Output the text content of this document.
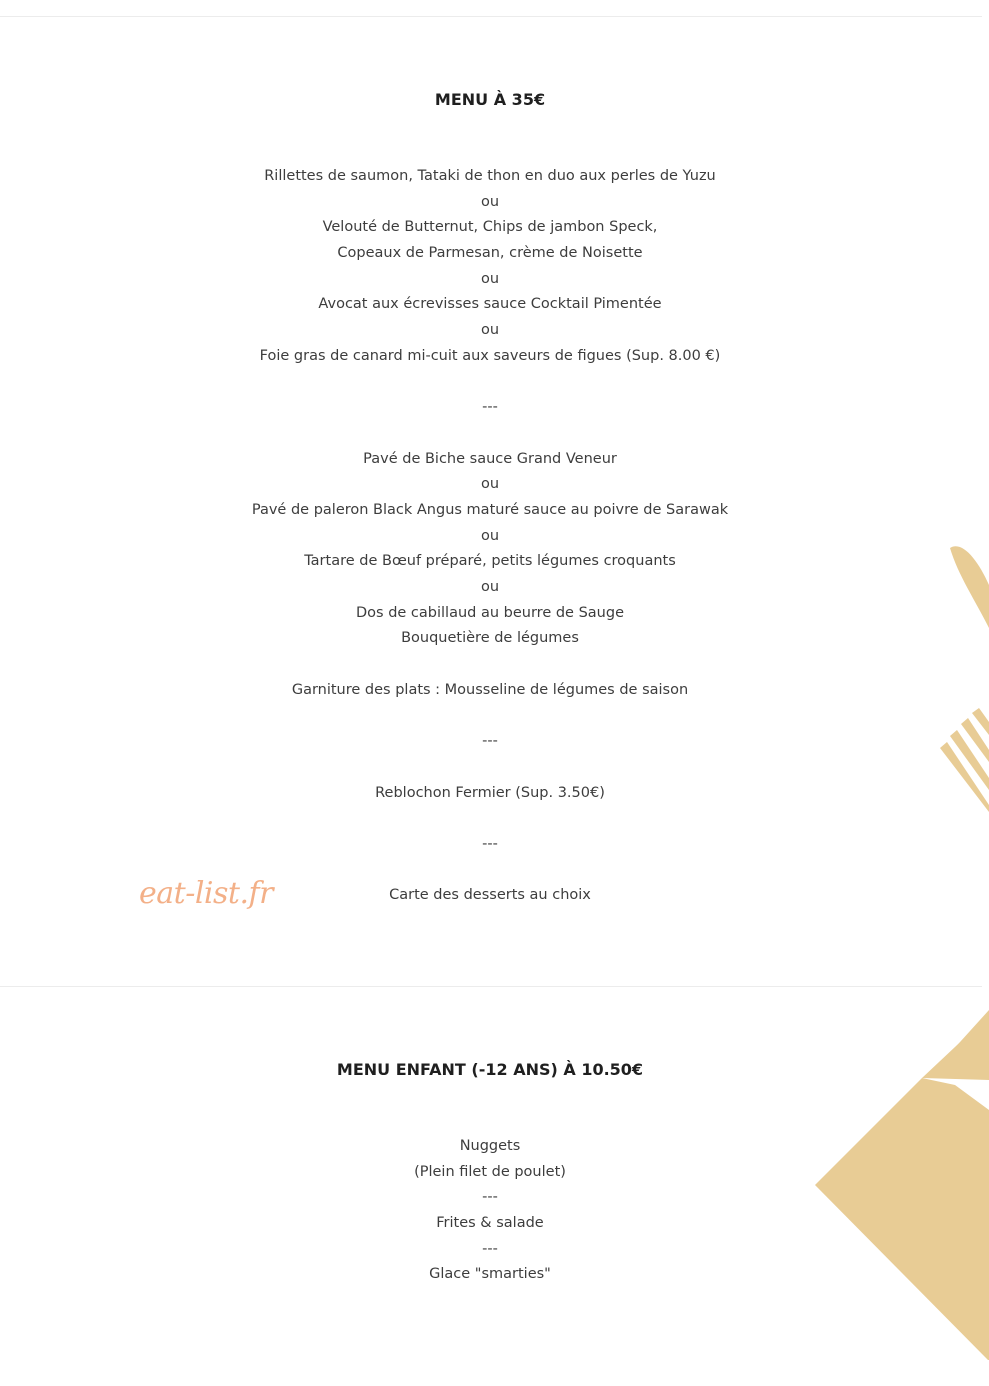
MENU À 35€
Rillettes de saumon, Tataki de thon en duo aux perles de Yuzu
ou
Velouté de Butternut, Chips de jambon Speck,
Copeaux de Parmesan, crème de Noisette
ou
Avocat aux écrevisses sauce Cocktail Pimentée
ou
Foie gras de canard mi-cuit aux saveurs de figues (Sup. 8.00 €)
---
Pavé de Biche sauce Grand Veneur
ou
Pavé de paleron Black Angus maturé sauce au poivre de Sarawak
ou
Tartare de Bœuf préparé, petits légumes croquants
ou
Dos de cabillaud au beurre de Sauge
Bouquetière de légumes
Garniture des plats : Mousseline de légumes de saison
---
Reblochon Fermier (Sup. 3.50€)
---
Carte des desserts au choix
eat-list.fr
MENU ENFANT (-12 ANS) À 10.50€
Nuggets
(Plein filet de poulet)
---
Frites & salade
---
Glace "smarties"
